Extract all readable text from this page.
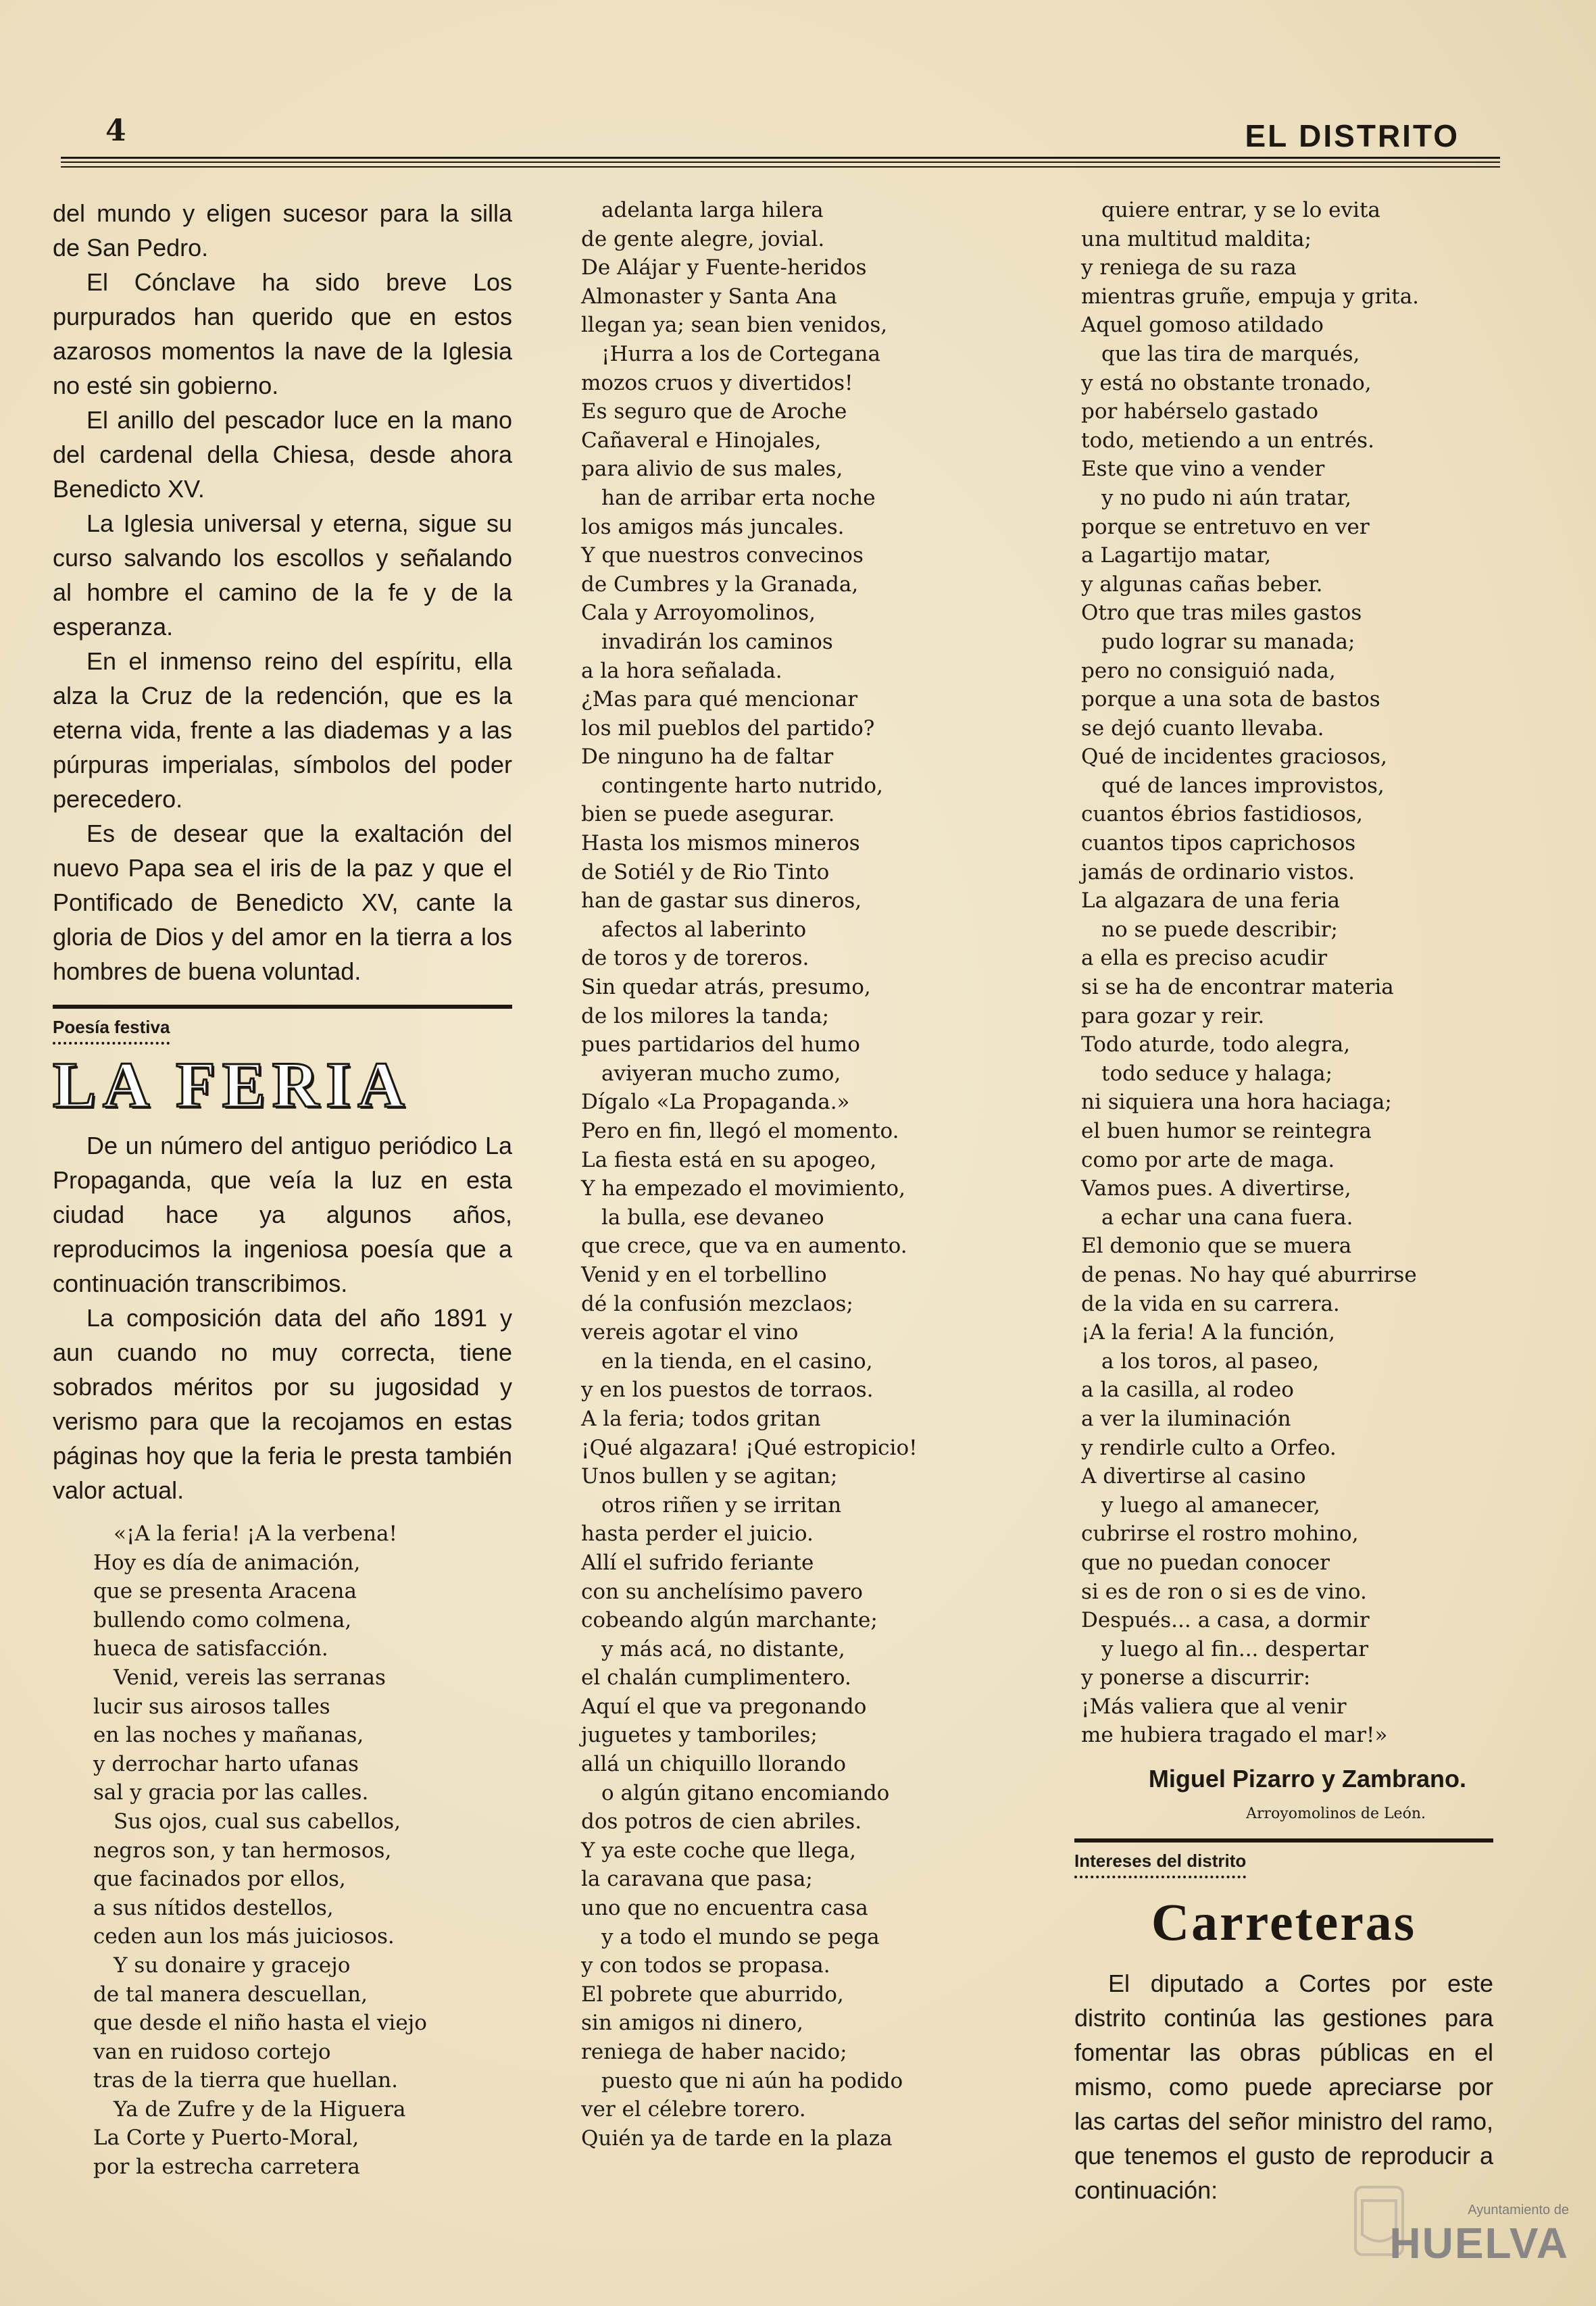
4	EL DISTRITO

del mundo y eligen sucesor para la silla de San Pedro.

El Cónclave ha sido breve Los purpurados han querido que en estos azarosos momentos la nave de la Iglesia no esté sin gobierno.

El anillo del pescador luce en la mano del cardenal della Chiesa, desde ahora Benedicto XV.

La Iglesia universal y eterna, sigue su curso salvando los escollos y señalando al hombre el camino de la fe y de la esperanza.

En el inmenso reino del espíritu, ella alza la Cruz de la redención, que es la eterna vida, frente a las diademas y a las púrpuras imperialas, símbolos del poder perecedero.

Es de desear que la exaltación del nuevo Papa sea el iris de la paz y que el Pontificado de Benedicto XV, cante la gloria de Dios y del amor en la tierra a los hombres de buena voluntad.

Poesía festiva
LA FERIA

De un número del antiguo periódico La Propaganda, que veía la luz en esta ciudad hace ya algunos años, reproducimos la ingeniosa poesía que a continuación transcribimos.

La composición data del año 1891 y aun cuando no muy correcta, tiene sobrados méritos por su jugosidad y verismo para que la recojamos en estas páginas hoy que la feria le presta también valor actual.

«¡A la feria! ¡A la verbena!
Hoy es día de animación,
que se presenta Aracena
bullendo como colmena,
hueca de satisfacción.
Venid, vereis las serranas
lucir sus airosos talles
en las noches y mañanas,
y derrochar harto ufanas
sal y gracia por las calles.
Sus ojos, cual sus cabellos,
negros son, y tan hermosos,
que facinados por ellos,
a sus nítidos destellos,
ceden aun los más juiciosos.
Y su donaire y gracejo
de tal manera descuellan,
que desde el niño hasta el viejo
van en ruidoso cortejo
tras de la tierra que huellan.
Ya de Zufre y de la Higuera
La Corte y Puerto-Moral,
por la estrecha carretera
adelanta larga hilera
de gente alegre, jovial.
De Alájar y Fuente-heridos
Almonaster y Santa Ana
llegan ya; sean bien venidos,
¡Hurra a los de Cortegana
mozos cruos y divertidos!
Es seguro que de Aroche
Cañaveral e Hinojales,
para alivio de sus males,
han de arribar erta noche
los amigos más juncales.
Y que nuestros convecinos
de Cumbres y la Granada,
Cala y Arroyomolinos,
invadirán los caminos
a la hora señalada.
¿Mas para qué mencionar
los mil pueblos del partido?
De ninguno ha de faltar
contingente harto nutrido,
bien se puede asegurar.
Hasta los mismos mineros
de Sotiél y de Rio Tinto
han de gastar sus dineros,
afectos al laberinto
de toros y de toreros.
Sin quedar atrás, presumo,
de los milores la tanda;
pues partidarios del humo
aviyeran mucho zumo,
Dígalo «La Propaganda.»
Pero en fin, llegó el momento.
La fiesta está en su apogeo,
Y ha empezado el movimiento,
la bulla, ese devaneo
que crece, que va en aumento.
Venid y en el torbellino
dé la confusión mezclaos;
vereis agotar el vino
en la tienda, en el casino,
y en los puestos de torraos.
A la feria; todos gritan
¡Qué algazara! ¡Qué estropicio!
Unos bullen y se agitan;
otros riñen y se irritan
hasta perder el juicio.
Allí el sufrido feriante
con su anchelísimo pavero
cobeando algún marchante;
y más acá, no distante,
el chalán cumplimentero.
Aquí el que va pregonando
juguetes y tamboriles;
allá un chiquillo llorando
o algún gitano encomiando
dos potros de cien abriles.
Y ya este coche que llega,
la caravana que pasa;
uno que no encuentra casa
y a todo el mundo se pega
y con todos se propasa.
El pobrete que aburrido,
sin amigos ni dinero,
reniega de haber nacido;
puesto que ni aún ha podido
ver el célebre torero.
Quién ya de tarde en la plaza
quiere entrar, y se lo evita
una multitud maldita;
y reniega de su raza
mientras gruñe, empuja y grita.
Aquel gomoso atildado
que las tira de marqués,
y está no obstante tronado,
por habérselo gastado
todo, metiendo a un entrés.
Este que vino a vender
y no pudo ni aún tratar,
porque se entretuvo en ver
a Lagartijo matar,
y algunas cañas beber.
Otro que tras miles gastos
pudo lograr su manada;
pero no consiguió nada,
porque a una sota de bastos
se dejó cuanto llevaba.
Qué de incidentes graciosos,
qué de lances improvistos,
cuantos ébrios fastidiosos,
cuantos tipos caprichosos
jamás de ordinario vistos.
La algazara de una feria
no se puede describir;
a ella es preciso acudir
si se ha de encontrar materia
para gozar y reir.
Todo aturde, todo alegra,
todo seduce y halaga;
ni siquiera una hora haciaga;
el buen humor se reintegra
como por arte de maga.
Vamos pues. A divertirse,
a echar una cana fuera.
El demonio que se muera
de penas. No hay qué aburrirse
de la vida en su carrera.
¡A la feria! A la función,
a los toros, al paseo,
a la casilla, al rodeo
a ver la iluminación
y rendirle culto a Orfeo.
A divertirse al casino
y luego al amanecer,
cubrirse el rostro mohino,
que no puedan conocer
si es de ron o si es de vino.
Después... a casa, a dormir
y luego al fin... despertar
y ponerse a discurrir:
¡Más valiera que al venir
me hubiera tragado el mar!»
Miguel Pizarro y Zambrano.
Arroyomolinos de León.
Intereses del distrito
Carreteras

El diputado a Cortes por este distrito continúa las gestiones para fomentar las obras públicas en el mismo, como puede apreciarse por las cartas del señor ministro del ramo, que tenemos el gusto de reproducir a continuación:

Ayuntamiento de
HUELVA
